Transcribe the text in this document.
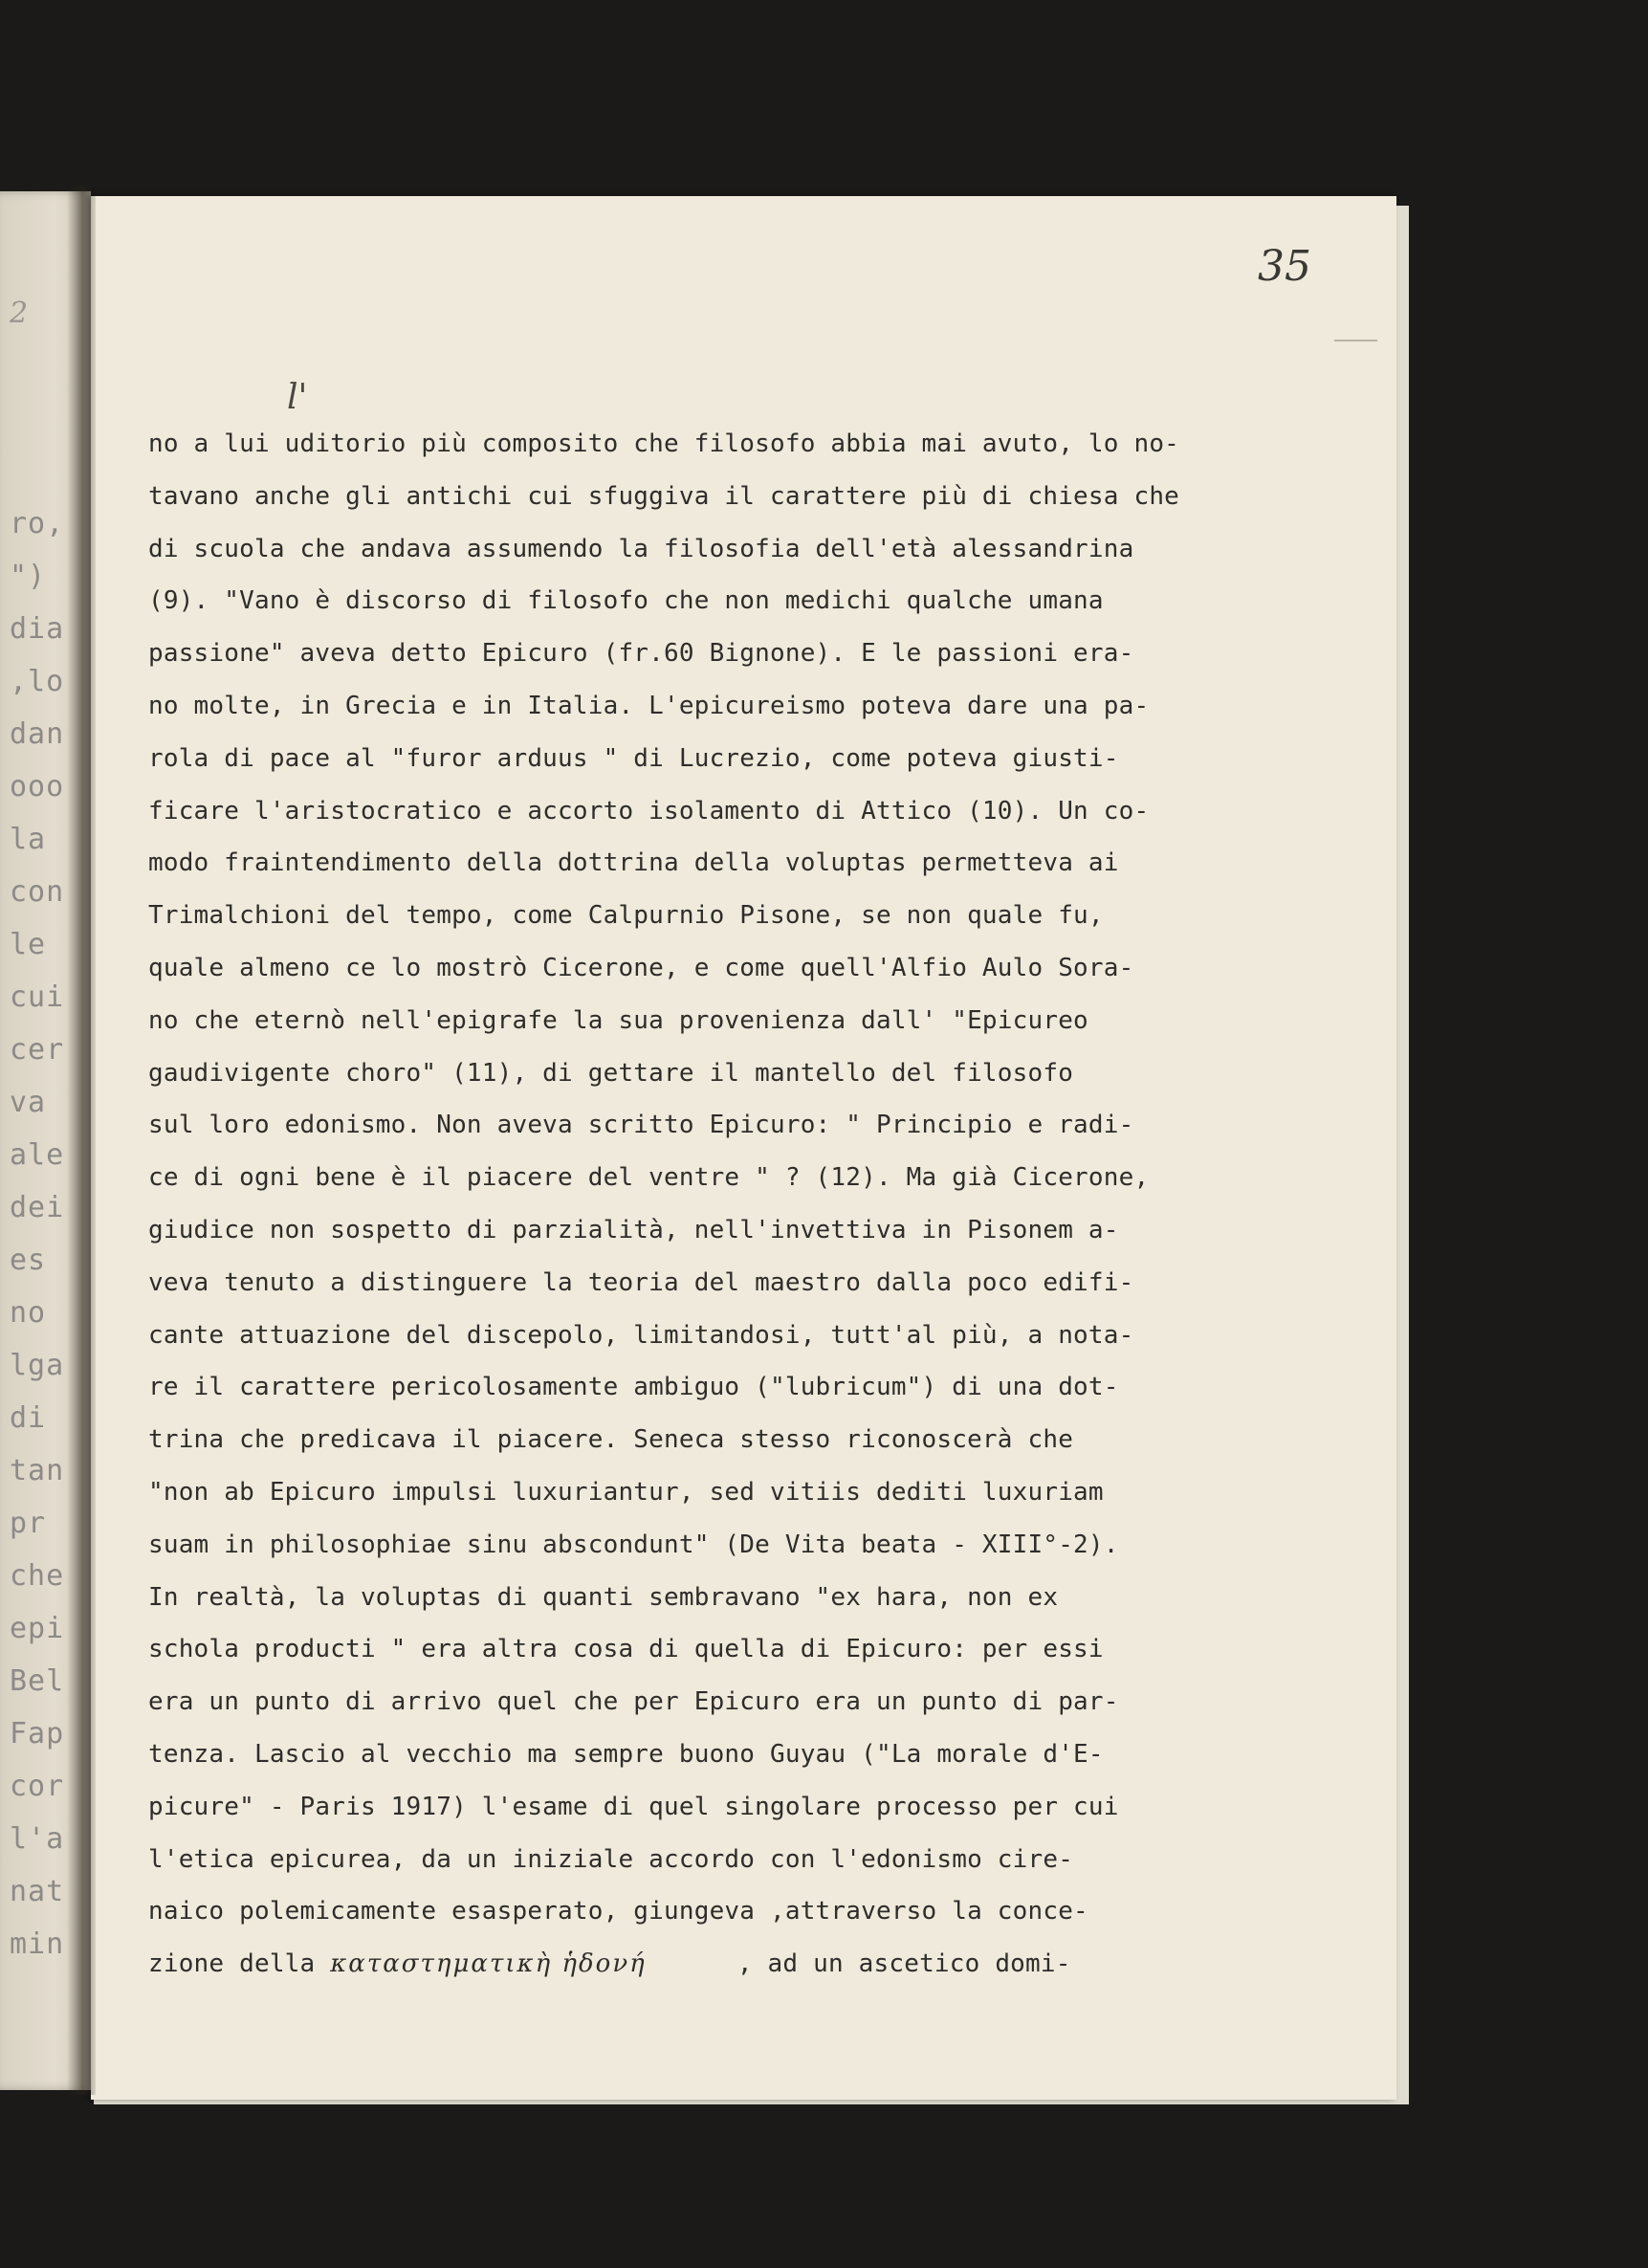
2
ro,
")
dia
,lo
dan
ooo
la
con
le
cui
cer
va
ale
dei
es
no
lga
di
tan
pr
che
epi
Bel
Fap
cor
l'a
nat
min
35
l'
no a lui uditorio più composito che filosofo abbia mai avuto, lo no-
tavano anche gli antichi cui sfuggiva il carattere più di chiesa che
di scuola che andava assumendo la filosofia dell'età alessandrina
(9). "Vano è discorso di filosofo che non medichi qualche umana
passione" aveva detto Epicuro (fr.60 Bignone). E le passioni era-
no molte, in Grecia e in Italia. L'epicureismo poteva dare una pa-
rola di pace al "furor arduus " di Lucrezio, come poteva giusti-
ficare l'aristocratico e accorto isolamento di Attico (10). Un co-
modo fraintendimento della dottrina della voluptas permetteva ai
Trimalchioni del tempo, come Calpurnio Pisone, se non quale fu,
quale almeno ce lo mostrò Cicerone, e come quell'Alfio Aulo Sora-
no che eternò nell'epigrafe la sua provenienza dall' "Epicureo
gaudivigente choro" (11), di gettare il mantello del filosofo
sul loro edonismo. Non aveva scritto Epicuro: " Principio e radi-
ce di ogni bene è il piacere del ventre " ? (12). Ma già Cicerone,
giudice non sospetto di parzialità, nell'invettiva in Pisonem a-
veva tenuto a distinguere la teoria del maestro dalla poco edifi-
cante attuazione del discepolo, limitandosi, tutt'al più, a nota-
re il carattere pericolosamente ambiguo ("lubricum") di una dot-
trina che predicava il piacere. Seneca stesso riconoscerà che
"non ab Epicuro impulsi luxuriantur, sed vitiis dediti luxuriam
suam in philosophiae sinu abscondunt" (De Vita beata - XIII°-2).
In realtà, la voluptas di quanti sembravano "ex hara, non ex
schola producti " era altra cosa di quella di Epicuro: per essi
era un punto di arrivo quel che per Epicuro era un punto di par-
tenza. Lascio al vecchio ma sempre buono Guyau ("La morale d'E-
picure" - Paris 1917) l'esame di quel singolare processo per cui
l'etica epicurea, da un iniziale accordo con l'edonismo cire-
naico polemicamente esasperato, giungeva ,attraverso la conce-
zione della καταστηματικὴ ἡδονή      , ad un ascetico domi-
